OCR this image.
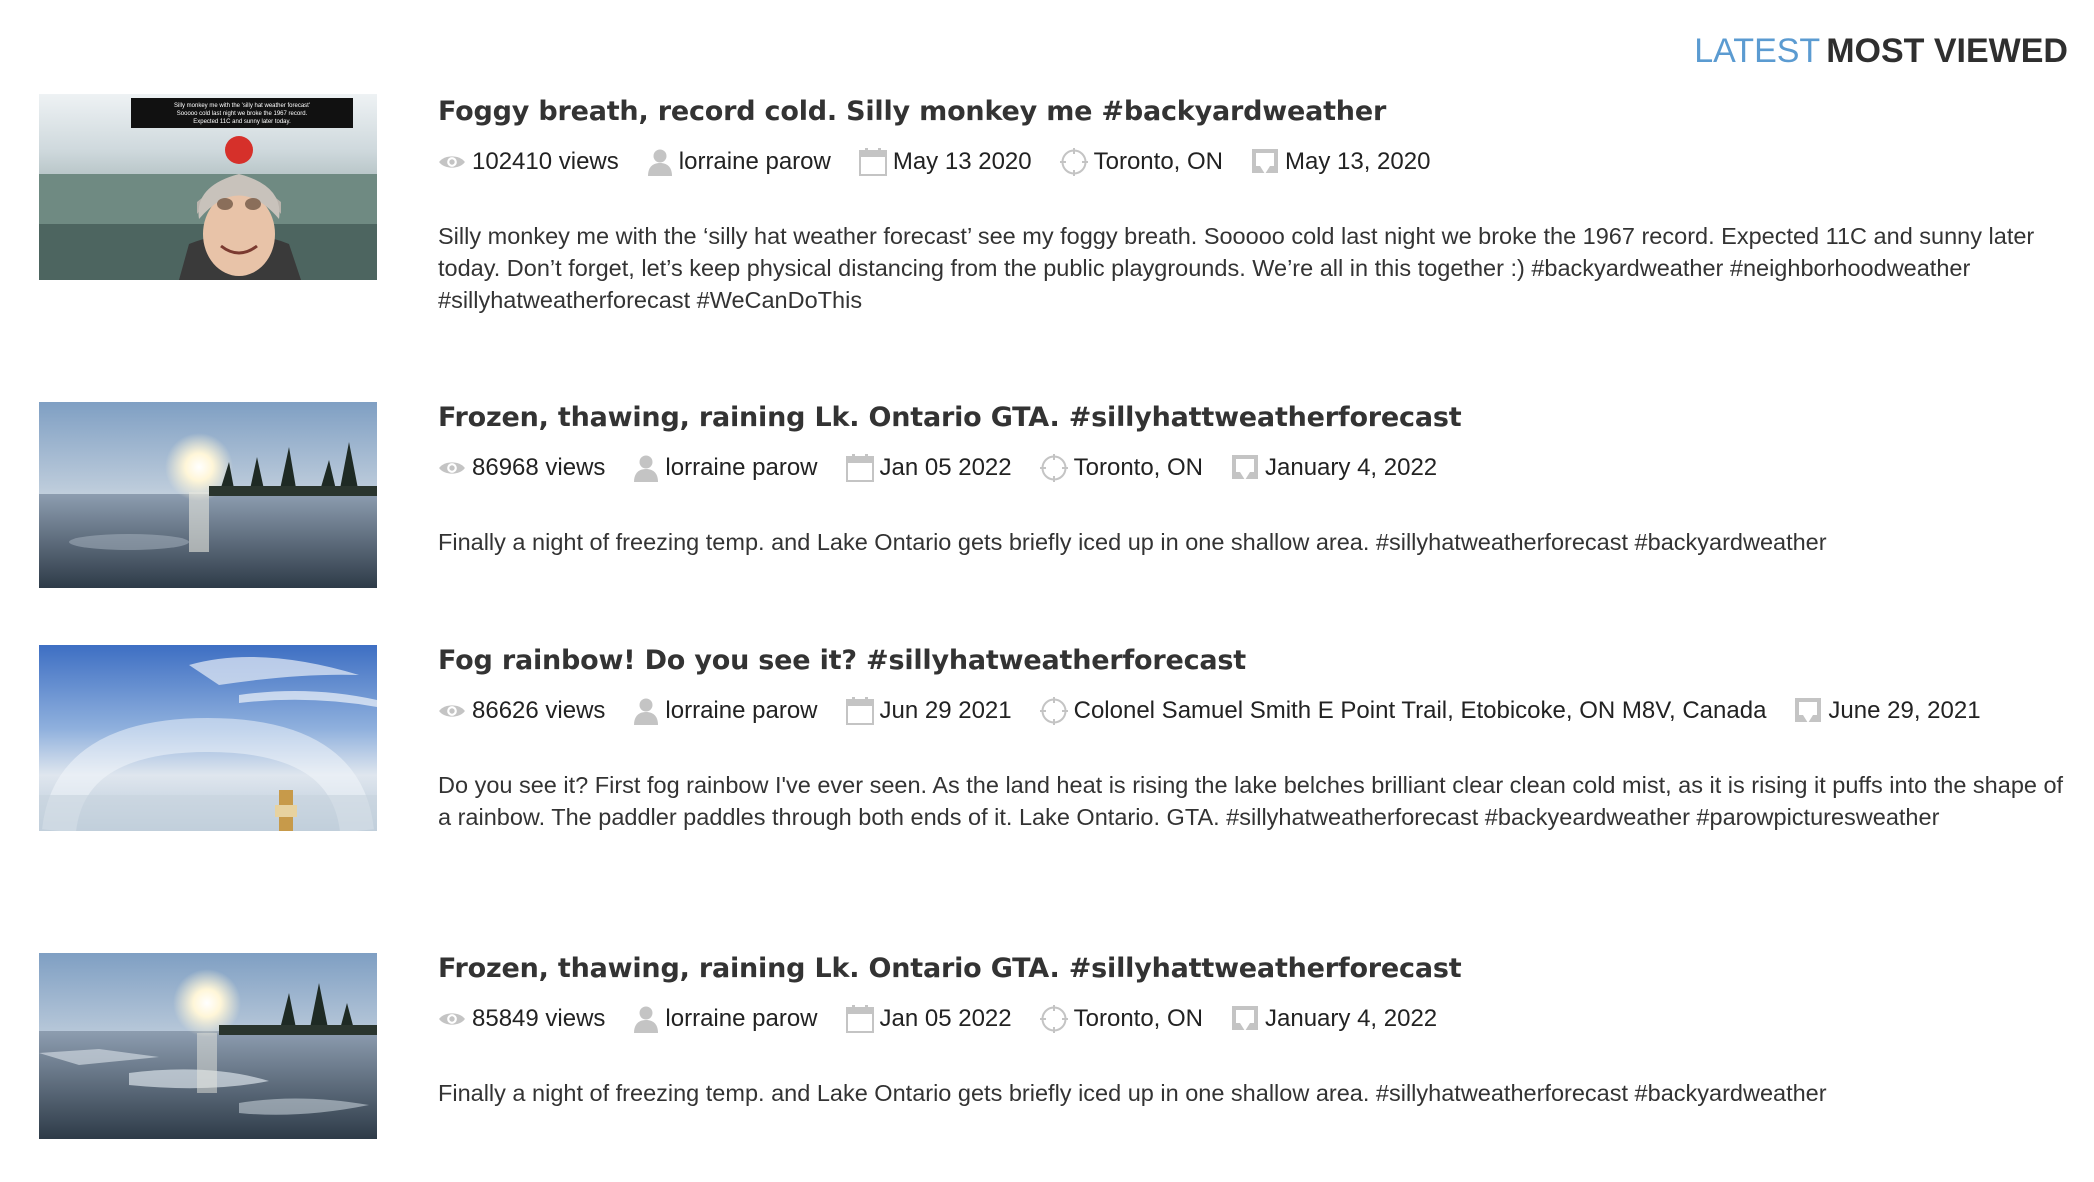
LATEST MOST VIEWED
Silly monkey me with the 'silly hat weather forecast'
Sooooo cold last night we broke the 1967 record.
Expected 11C and sunny later today.	Foggy breath, record cold. Silly monkey me #backyardweather
102410 views	lorraine parow	May 13 2020	Toronto, ON	May 13, 2020

Silly monkey me with the ‘silly hat weather forecast’ see my foggy breath. Sooooo cold last night we broke the 1967 record. Expected 11C and sunny later today. Don’t forget, let’s keep physical distancing from the public playgrounds. We’re all in this together :) #backyardweather #neighborhoodweather #sillyhatweatherforecast #WeCanDoThis

Frozen, thawing, raining Lk. Ontario GTA. #sillyhattweatherforecast
86968 views	lorraine parow	Jan 05 2022	Toronto, ON	January 4, 2022

Finally a night of freezing temp. and Lake Ontario gets briefly iced up in one shallow area. #sillyhatweatherforecast #backyardweather

Fog rainbow! Do you see it? #sillyhatweatherforecast
86626 views	lorraine parow	Jun 29 2021	Colonel Samuel Smith E Point Trail, Etobicoke, ON M8V, Canada	June 29, 2021

Do you see it? First fog rainbow I've ever seen. As the land heat is rising the lake belches brilliant clear clean cold mist, as it is rising it puffs into the shape of a rainbow. The paddler paddles through both ends of it. Lake Ontario. GTA. #sillyhatweatherforecast #backyeardweather #parowpicturesweather

Frozen, thawing, raining Lk. Ontario GTA. #sillyhattweatherforecast
85849 views	lorraine parow	Jan 05 2022	Toronto, ON	January 4, 2022

Finally a night of freezing temp. and Lake Ontario gets briefly iced up in one shallow area. #sillyhatweatherforecast #backyardweather
